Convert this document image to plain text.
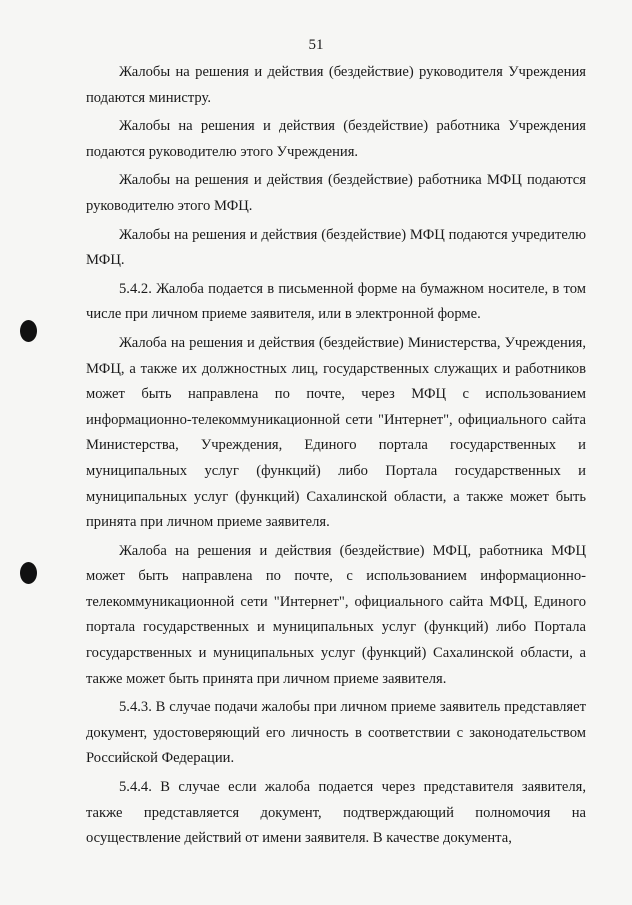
51

Жалобы на решения и действия (бездействие) руководителя Учреждения подаются министру.

Жалобы на решения и действия (бездействие) работника Учреждения подаются руководителю этого Учреждения.

Жалобы на решения и действия (бездействие) работника МФЦ подаются руководителю этого МФЦ.

Жалобы на решения и действия (бездействие) МФЦ подаются учредителю МФЦ.

5.4.2. Жалоба подается в письменной форме на бумажном носителе, в том числе при личном приеме заявителя, или в электронной форме.

Жалоба на решения и действия (бездействие) Министерства, Учреждения, МФЦ, а также их должностных лиц, государственных служащих и работников может быть направлена по почте, через МФЦ с использованием информационно-телекоммуникационной сети "Интернет", официального сайта Министерства, Учреждения, Единого портала государственных и муниципальных услуг (функций) либо Портала государственных и муниципальных услуг (функций) Сахалинской области, а также может быть принята при личном приеме заявителя.

Жалоба на решения и действия (бездействие) МФЦ, работника МФЦ может быть направлена по почте, с использованием информационно-телекоммуникационной сети "Интернет", официального сайта МФЦ, Единого портала государственных и муниципальных услуг (функций) либо Портала государственных и муниципальных услуг (функций) Сахалинской области, а также может быть принята при личном приеме заявителя.

5.4.3. В случае подачи жалобы при личном приеме заявитель представляет документ, удостоверяющий его личность в соответствии с законодательством Российской Федерации.

5.4.4. В случае если жалоба подается через представителя заявителя, также представляется документ, подтверждающий полномочия на осуществление действий от имени заявителя. В качестве документа,
